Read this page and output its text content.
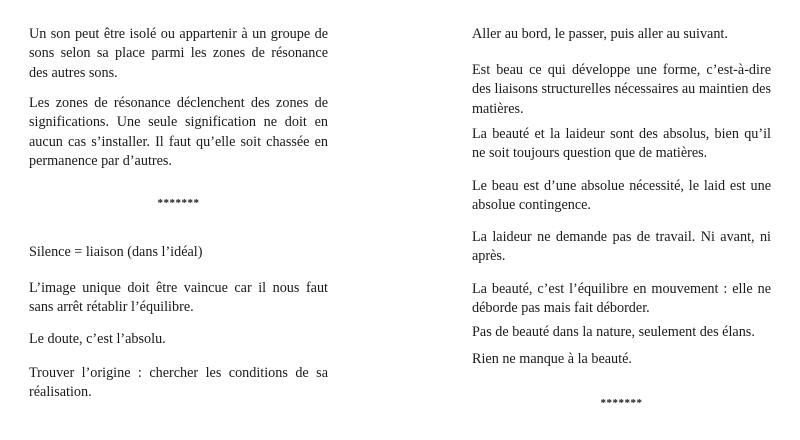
Un son peut être isolé ou appartenir à un groupe de sons selon sa place parmi les zones de résonance des autres sons.

Les zones de résonance déclenchent des zones de significations. Une seule signification ne doit en aucun cas s’installer. Il faut qu’elle soit chassée en permanence par d’autres.

*******

Silence = liaison (dans l’idéal)

L’image unique doit être vaincue car il nous faut sans arrêt rétablir l’équilibre.

Le doute, c’est l’absolu.

Trouver l’origine : chercher les conditions de sa réalisation.

Aller au bord, le passer, puis aller au suivant.

Est beau ce qui développe une forme, c’est-à-dire des liaisons structurelles nécessaires au maintien des matières.

La beauté et la laideur sont des absolus, bien qu’il ne soit toujours question que de matières.

Le beau est d’une absolue nécessité, le laid est une absolue contingence.

La laideur ne demande pas de travail. Ni avant, ni après.

La beauté, c’est l’équilibre en mouvement : elle ne déborde pas mais fait déborder.

Pas de beauté dans la nature, seulement des élans.

Rien ne manque à la beauté.

*******
